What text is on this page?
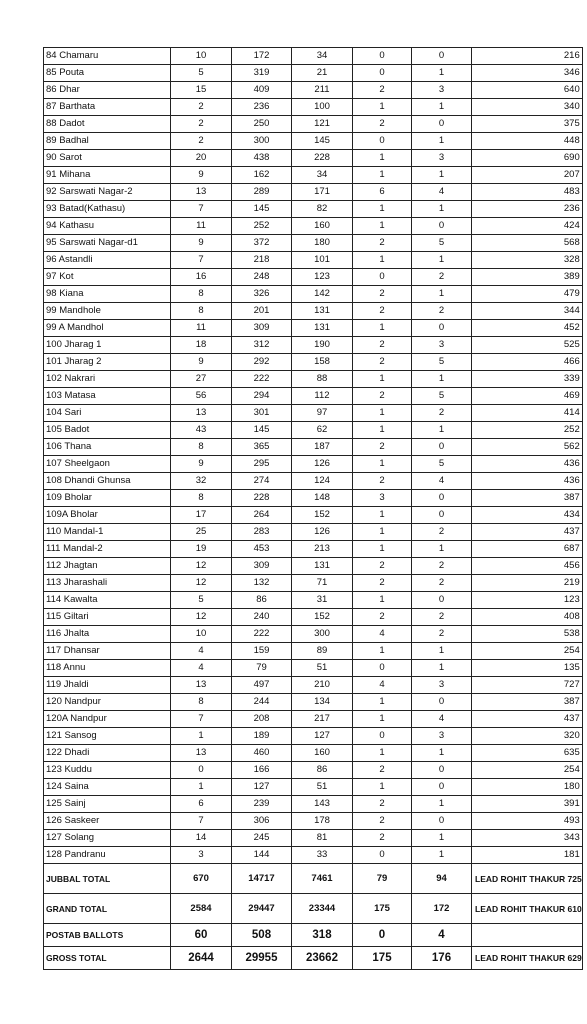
84 Chamaru	10	172	34	0	0	216
85 Pouta	5	319	21	0	1	346
86 Dhar	15	409	211	2	3	640
87 Barthata	2	236	100	1	1	340
88 Dadot	2	250	121	2	0	375
89 Badhal	2	300	145	0	1	448
90 Sarot	20	438	228	1	3	690
91 Mihana	9	162	34	1	1	207
92 Sarswati Nagar-2	13	289	171	6	4	483
93 Batad(Kathasu)	7	145	82	1	1	236
94 Kathasu	11	252	160	1	0	424
95 Sarswati Nagar-d1	9	372	180	2	5	568
96 Astandli	7	218	101	1	1	328
97 Kot	16	248	123	0	2	389
98 Kiana	8	326	142	2	1	479
99 Mandhole	8	201	131	2	2	344
99 A Mandhol	11	309	131	1	0	452
100 Jharag 1	18	312	190	2	3	525
101 Jharag 2	9	292	158	2	5	466
102 Nakrari	27	222	88	1	1	339
103 Matasa	56	294	112	2	5	469
104 Sari	13	301	97	1	2	414
105 Badot	43	145	62	1	1	252
106 Thana	8	365	187	2	0	562
107 Sheelgaon	9	295	126	1	5	436
108 Dhandi Ghunsa	32	274	124	2	4	436
109 Bholar	8	228	148	3	0	387
109A Bholar	17	264	152	1	0	434
110 Mandal-1	25	283	126	1	2	437
111 Mandal-2	19	453	213	1	1	687
112 Jhagtan	12	309	131	2	2	456
113 Jharashali	12	132	71	2	2	219
114 Kawalta	5	86	31	1	0	123
115 Giltari	12	240	152	2	2	408
116 Jhalta	10	222	300	4	2	538
117 Dhansar	4	159	89	1	1	254
118 Annu	4	79	51	0	1	135
119 Jhaldi	13	497	210	4	3	727
120 Nandpur	8	244	134	1	0	387
120A Nandpur	7	208	217	1	4	437
121 Sansog	1	189	127	0	3	320
122 Dhadi	13	460	160	1	1	635
123 Kuddu	0	166	86	2	0	254
124 Saina	1	127	51	1	0	180
125 Sainj	6	239	143	2	1	391
126 Saskeer	7	306	178	2	0	493
127 Solang	14	245	81	2	1	343
128 Pandranu	3	144	33	0	1	181
JUBBAL TOTAL	670	14717	7461	79	94	LEAD ROHIT THAKUR 725
GRAND TOTAL	2584	29447	23344	175	172	LEAD ROHIT THAKUR 610
POSTAB BALLOTS	60	508	318	0	4	
GROSS TOTAL	2644	29955	23662	175	176	LEAD ROHIT THAKUR 629
